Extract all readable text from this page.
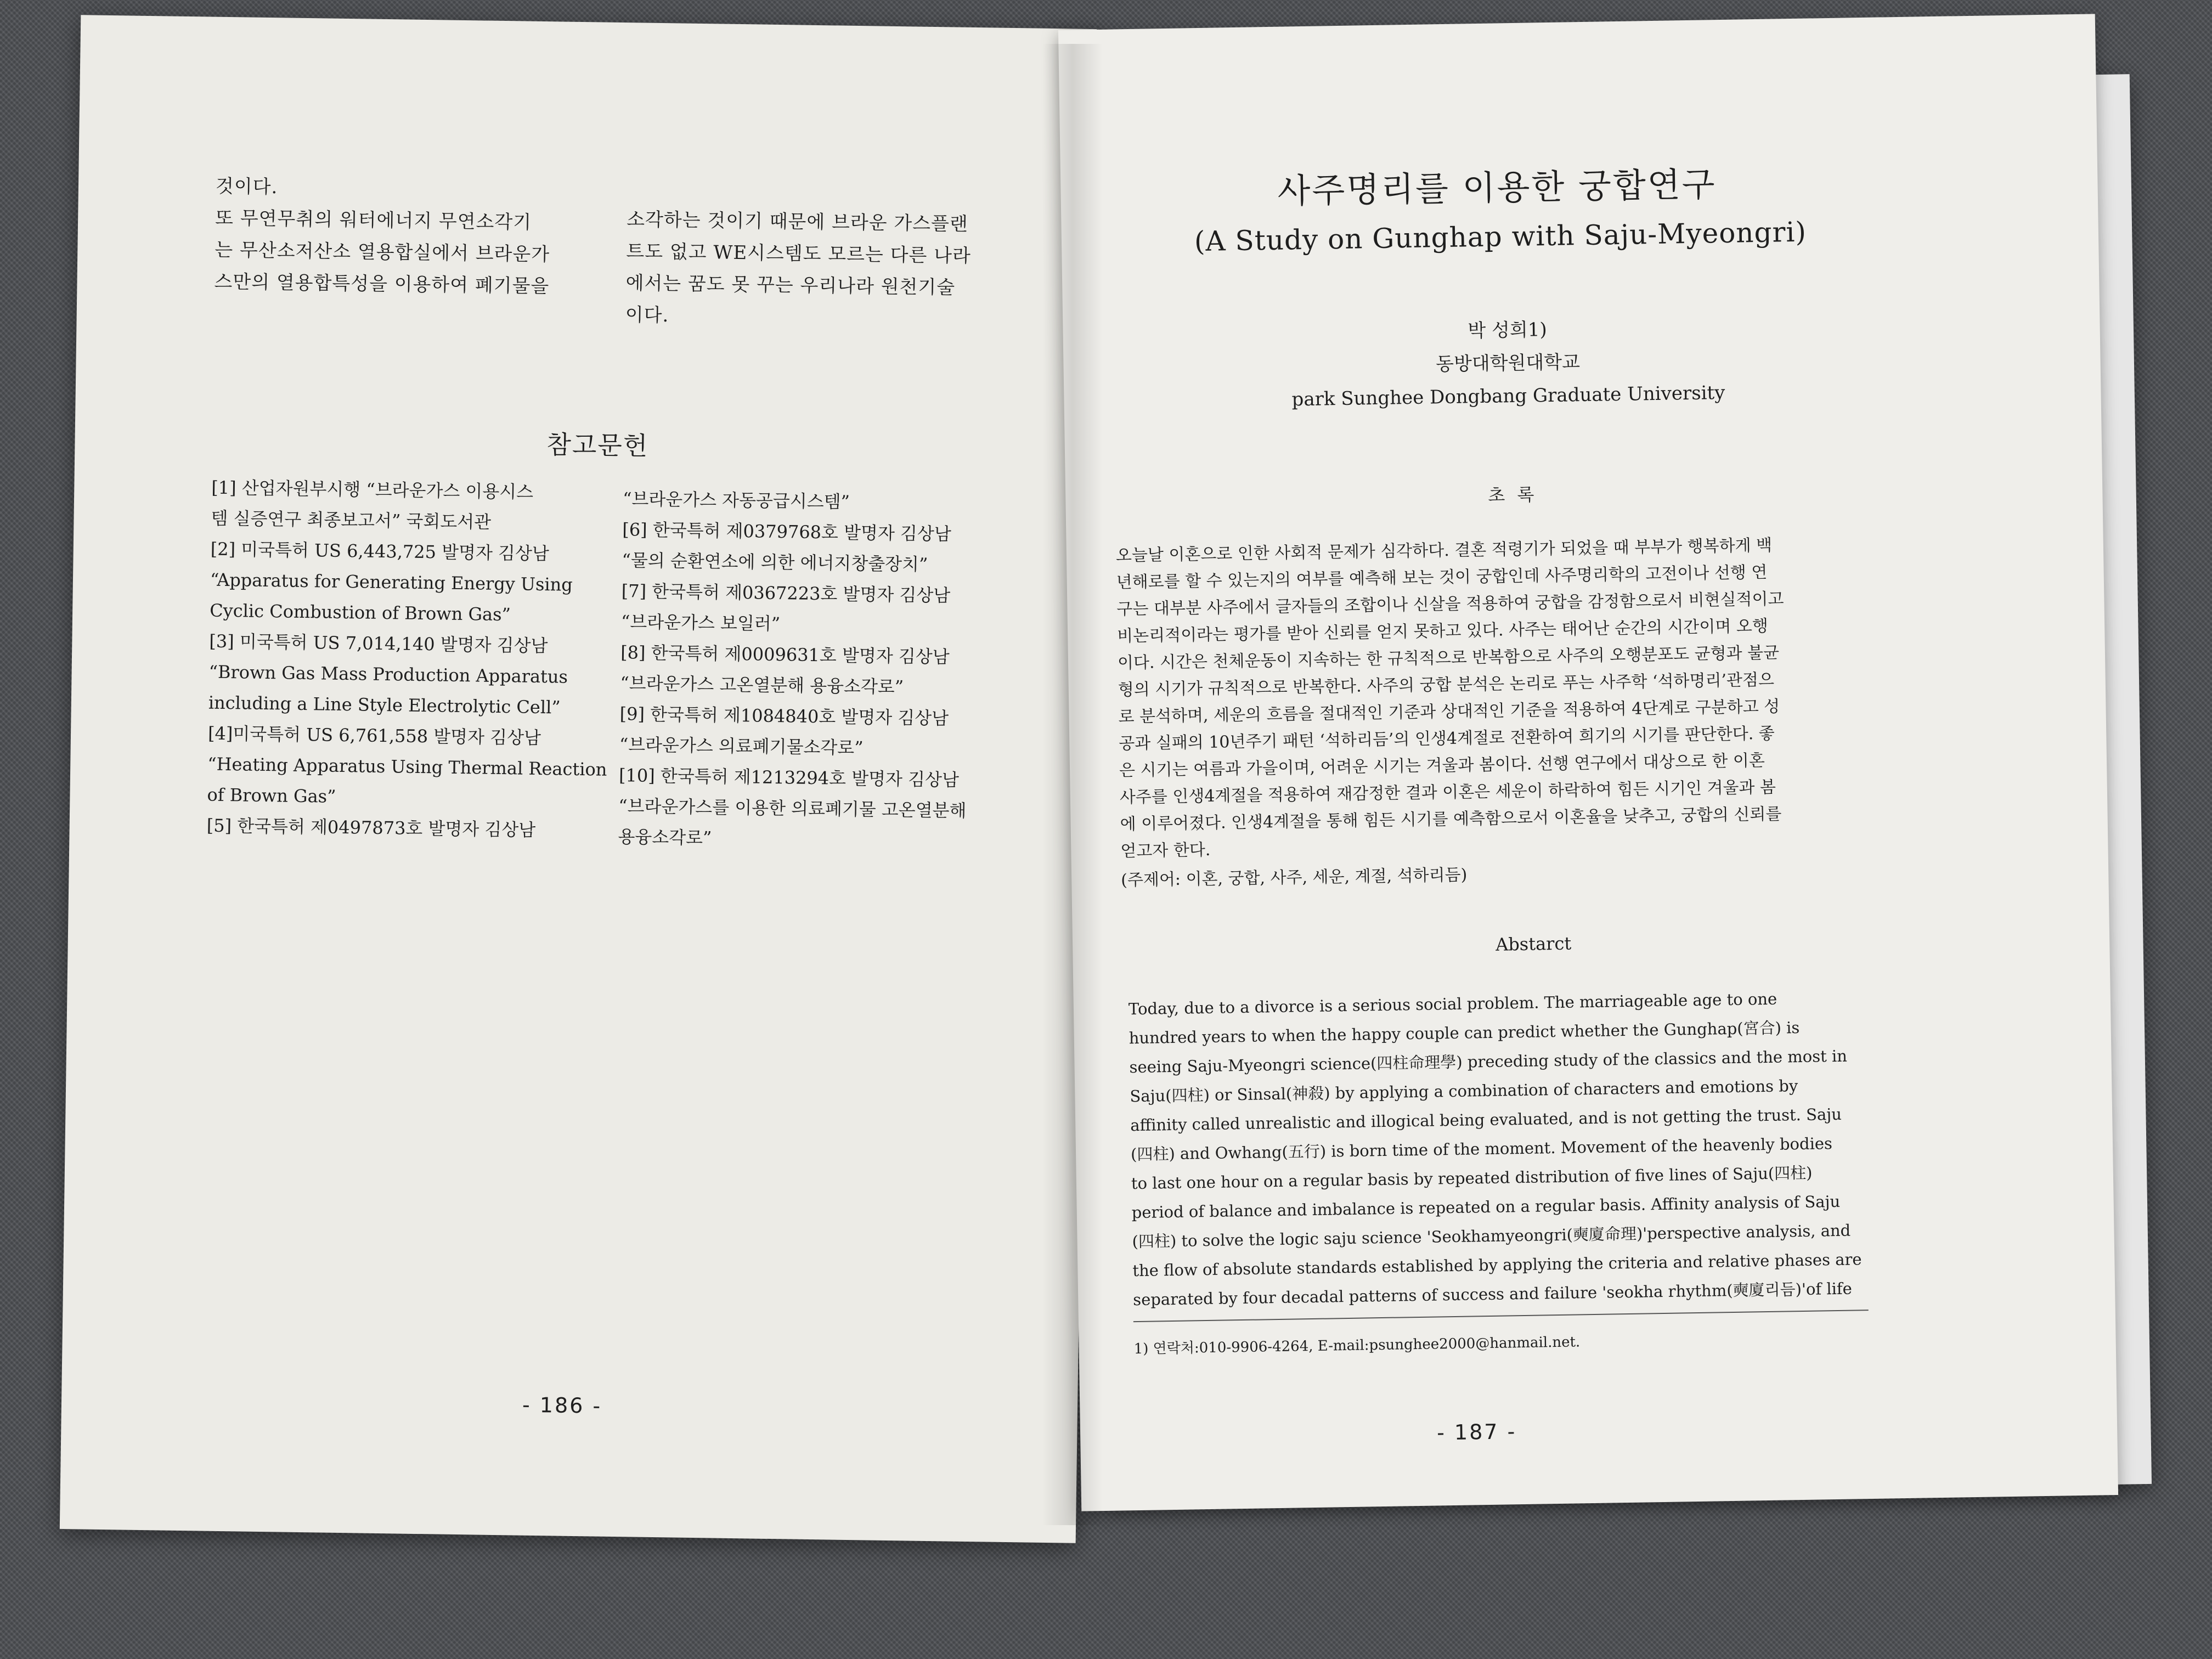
것이다.
또 무연무취의 워터에너지 무연소각기
는 무산소저산소 열용합실에서 브라운가
스만의 열용합특성을 이용하여 폐기물을
소각하는 것이기 때문에 브라운 가스플랜
트도 없고 WE시스템도 모르는 다른 나라
에서는 꿈도 못 꾸는 우리나라 원천기술
이다.
참고문헌
[1] 산업자원부시행 “브라운가스 이용시스
템 실증연구 최종보고서” 국회도서관
[2] 미국특허 US 6,443,725 발명자 김상남
“Apparatus for Generating Energy Using
Cyclic Combustion of Brown Gas”
[3] 미국특허 US 7,014,140 발명자 김상남
“Brown Gas Mass Production Apparatus
including a Line Style Electrolytic Cell”
[4]미국특허 US 6,761,558 발명자 김상남
“Heating Apparatus Using Thermal Reaction
of Brown Gas”
[5] 한국특허 제0497873호 발명자 김상남
“브라운가스 자동공급시스템”
[6] 한국특허 제0379768호 발명자 김상남
“물의 순환연소에 의한 에너지창출장치”
[7] 한국특허 제0367223호 발명자 김상남
“브라운가스 보일러”
[8] 한국특허 제0009631호 발명자 김상남
“브라운가스 고온열분해 용융소각로”
[9] 한국특허 제1084840호 발명자 김상남
“브라운가스 의료폐기물소각로”
[10] 한국특허 제1213294호 발명자 김상남
“브라운가스를 이용한 의료폐기물 고온열분해
용융소각로”
- 186 -
사주명리를 이용한 궁합연구
(A Study on Gunghap with Saju-Myeongri)
박 성희1)
동방대학원대학교
park Sunghee Dongbang Graduate University
초 록
오늘날 이혼으로 인한 사회적 문제가 심각하다. 결혼 적령기가 되었을 때 부부가 행복하게 백
년해로를 할 수 있는지의 여부를 예측해 보는 것이 궁합인데 사주명리학의 고전이나 선행 연
구는 대부분 사주에서 글자들의 조합이나 신살을 적용하여 궁합을 감정함으로서 비현실적이고
비논리적이라는 평가를 받아 신뢰를 얻지 못하고 있다. 사주는 태어난 순간의 시간이며 오행
이다. 시간은 천체운동이 지속하는 한 규칙적으로 반복함으로 사주의 오행분포도 균형과 불균
형의 시기가 규칙적으로 반복한다. 사주의 궁합 분석은 논리로 푸는 사주학 ‘석하명리’관점으
로 분석하며, 세운의 흐름을 절대적인 기준과 상대적인 기준을 적용하여 4단계로 구분하고 성
공과 실패의 10년주기 패턴 ‘석하리듬’의 인생4계절로 전환하여 희기의 시기를 판단한다. 좋
은 시기는 여름과 가을이며, 어려운 시기는 겨울과 봄이다. 선행 연구에서 대상으로 한 이혼
사주를 인생4계절을 적용하여 재감정한 결과 이혼은 세운이 하락하여 힘든 시기인 겨울과 봄
에 이루어졌다. 인생4계절을 통해 힘든 시기를 예측함으로서 이혼율을 낮추고, 궁합의 신뢰를
얻고자 한다.
(주제어: 이혼, 궁합, 사주, 세운, 계절, 석하리듬)
Abstarct
Today, due to a divorce is a serious social problem. The marriageable age to one
hundred years to when the happy couple can predict whether the Gunghap(宮合) is
seeing Saju-Myeongri science(四柱命理學) preceding study of the classics and the most in
Saju(四柱) or Sinsal(神殺) by applying a combination of characters and emotions by
affinity called unrealistic and illogical being evaluated, and is not getting the trust. Saju
(四柱) and Owhang(五行) is born time of the moment. Movement of the heavenly bodies
to last one hour on a regular basis by repeated distribution of five lines of Saju(四柱)
period of balance and imbalance is repeated on a regular basis. Affinity analysis of Saju
(四柱) to solve the logic saju science 'Seokhamyeongri(奭廈命理)'perspective analysis, and
the flow of absolute standards established by applying the criteria and relative phases are
separated by four decadal patterns of success and failure 'seokha rhythm(奭廈리듬)'of life
1) 연락처:010-9906-4264, E-mail:psunghee2000@hanmail.net.
- 187 -
